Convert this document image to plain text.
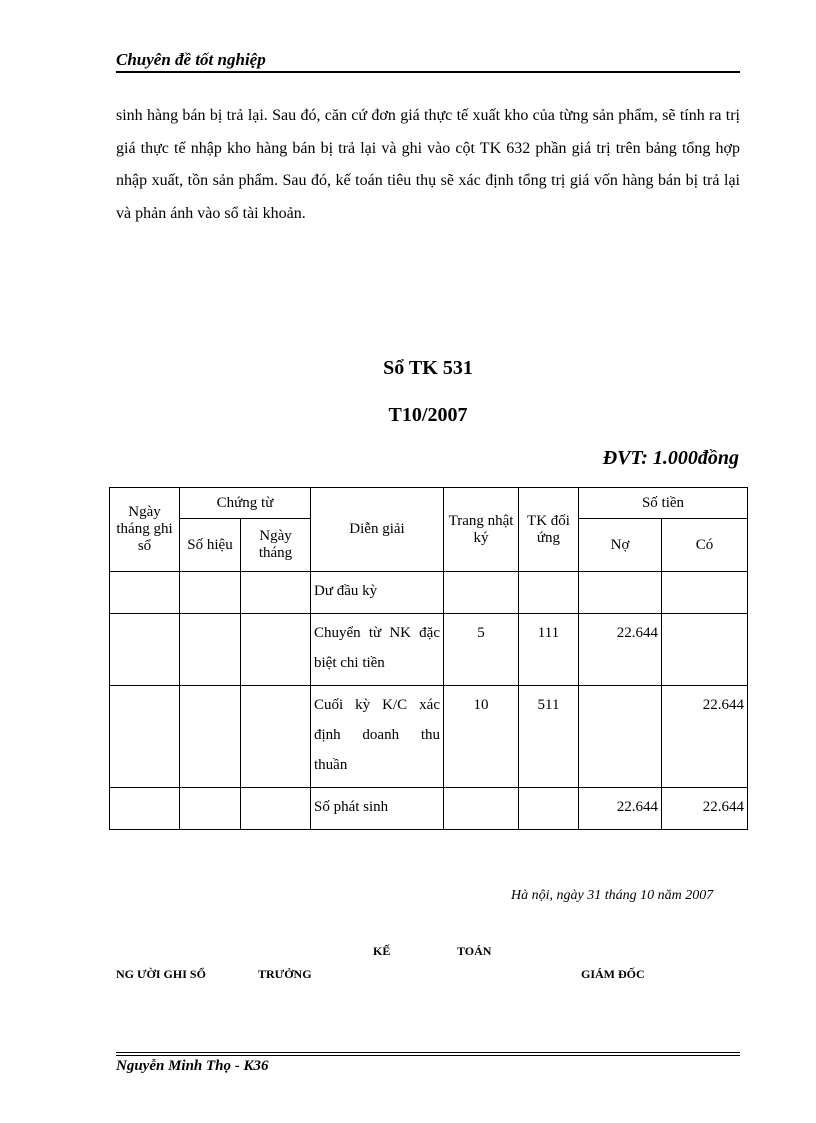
Chuyên đề tốt nghiệp
sinh hàng bán bị trả lại. Sau đó, căn cứ đơn giá thực tế xuất kho của từng sản phẩm, sẽ tính ra trị giá thực tế nhập kho hàng bán bị trả lại và ghi vào cột TK 632 phần giá trị trên bảng tổng hợp nhập xuất, tồn sản phẩm. Sau đó, kế toán tiêu thụ sẽ xác định tổng trị giá vốn hàng bán bị trả lại và phản ánh vào sổ tài khoản.
Sổ TK 531
T10/2007
ĐVT: 1.000đồng
Ngày tháng ghi sổ	Chứng từ		Diễn giải	Trang nhật ký	TK đối ứng	Số tiền	
	Số hiệu	Ngày tháng				Nợ	Có
			Dư đầu kỳ				
			Chuyển từ NK đặc biệt chi tiền	5	111	22.644	
			Cuối kỳ K/C xác định doanh thu thuần	10	511		22.644
			Số phát sinh			22.644	22.644
Hà nội, ngày 31 tháng 10 năm 2007
KẾ	TOÁN
NG ƯỜI GHI SỔ	TRƯỞNG	GIÁM ĐỐC
Nguyễn Minh Thọ - K36
